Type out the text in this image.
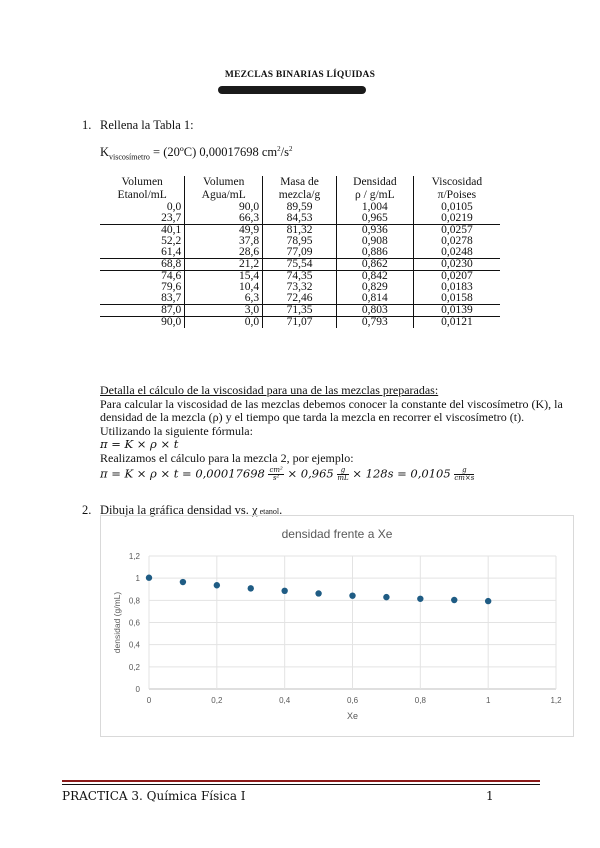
MEZCLAS BINARIAS LÍQUIDAS
1. Rellena la Tabla 1:
$K_{viscosímetro}$ = (20ºC) 0,00017698 $cm^2/s^2$
Volumen	Volumen	Masa de	Densidad	Viscosidad
Etanol/mL	Agua/mL	mezcla/g	ρ / g/mL	π/Poises
0,0	90,0	89,59	1,004	0,0105
23,7	66,3	84,53	0,965	0,0219
40,1	49,9	81,32	0,936	0,0257
52,2	37,8	78,95	0,908	0,0278
61,4	28,6	77,09	0,886	0,0248
68,8	21,2	75,54	0,862	0,0230
74,6	15,4	74,35	0,842	0,0207
79,6	10,4	73,32	0,829	0,0183
83,7	6,3	72,46	0,814	0,0158
87,0	3,0	71,35	0,803	0,0139
90,0	0,0	71,07	0,793	0,0121
Detalla el cálculo de la viscosidad para una de las mezclas preparadas:
Para calcular la viscosidad de las mezclas debemos conocer la constante del viscosímetro (K), la densidad de la mezcla (ρ) y el tiempo que tarda la mezcla en recorrer el viscosímetro (t). Utilizando la siguiente fórmula:
π = K × ρ × t
Realizamos el cálculo para la mezcla 2, por ejemplo:
$\pi = K \times \rho \times t = 0,00017698 \frac{\text{cm²}}{\text{s²}} \times 0,965 \frac{g}{mL} \times 128s = 0,0105 \frac{g}{cm\times s}$
2. Dibuja la gráfica densidad vs. χ etanol.
densidad frente a Xe
0
0,2
0,4
0,6
0,8
1
1,2
0	0,2	0,4	0,6	0,8	1	1,2
Xe
densidad (g/mL)
PRACTICA 3. Química Física I	1
